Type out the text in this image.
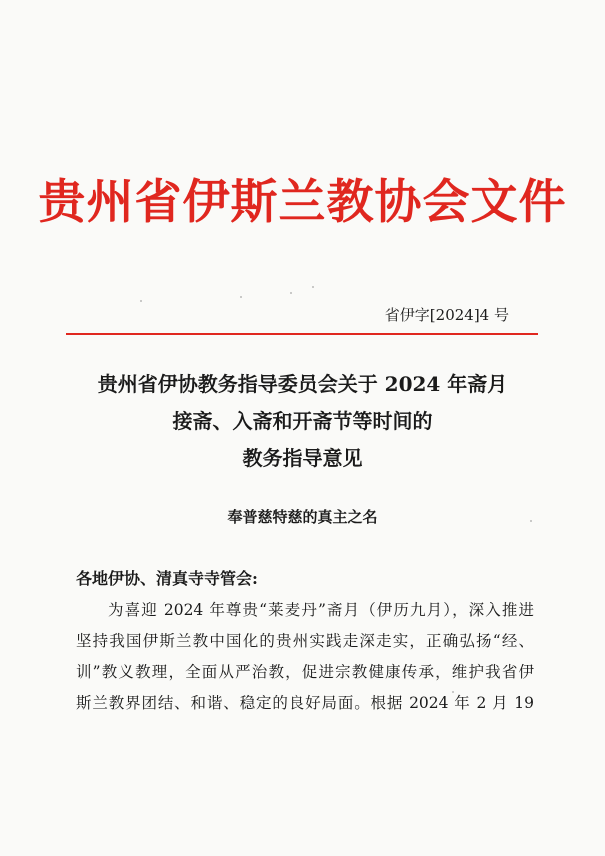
贵州省伊斯兰教协会文件
省伊字[2024]4 号
贵州省伊协教务指导委员会关于 2024 年斋月
接斋、入斋和开斋节等时间的
教务指导意见
奉普慈特慈的真主之名
各地伊协、清真寺寺管会:
为喜迎 2024 年尊贵“莱麦丹”斋月（伊历九月），深入推进
坚持我国伊斯兰教中国化的贵州实践走深走实，正确弘扬“经、
训”教义教理，全面从严治教，促进宗教健康传承，维护我省伊
斯兰教界团结、和谐、稳定的良好局面。根据 2024 年 2 月 19
